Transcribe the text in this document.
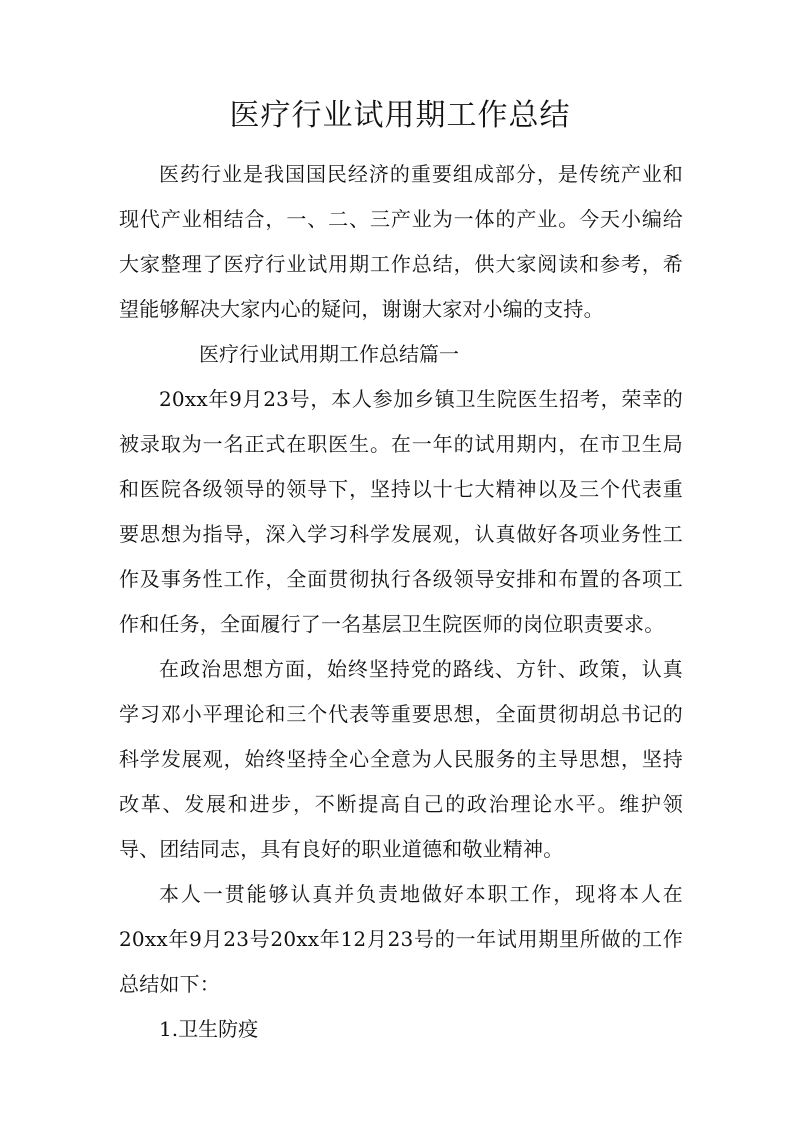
医疗行业试用期工作总结

医药行业是我国国民经济的重要组成部分，是传统产业和现代产业相结合，一、二、三产业为一体的产业。今天小编给大家整理了医疗行业试用期工作总结，供大家阅读和参考，希望能够解决大家内心的疑问，谢谢大家对小编的支持。

医疗行业试用期工作总结篇一

20xx年9月23号，本人参加乡镇卫生院医生招考，荣幸的被录取为一名正式在职医生。在一年的试用期内，在市卫生局和医院各级领导的领导下，坚持以十七大精神以及三个代表重要思想为指导，深入学习科学发展观，认真做好各项业务性工作及事务性工作，全面贯彻执行各级领导安排和布置的各项工作和任务，全面履行了一名基层卫生院医师的岗位职责要求。

在政治思想方面，始终坚持党的路线、方针、政策，认真学习邓小平理论和三个代表等重要思想，全面贯彻胡总书记的科学发展观，始终坚持全心全意为人民服务的主导思想，坚持改革、发展和进步，不断提高自己的政治理论水平。维护领导、团结同志，具有良好的职业道德和敬业精神。

本人一贯能够认真并负责地做好本职工作，现将本人在20xx年9月23号20xx年12月23号的一年试用期里所做的工作总结如下：

1.卫生防疫
